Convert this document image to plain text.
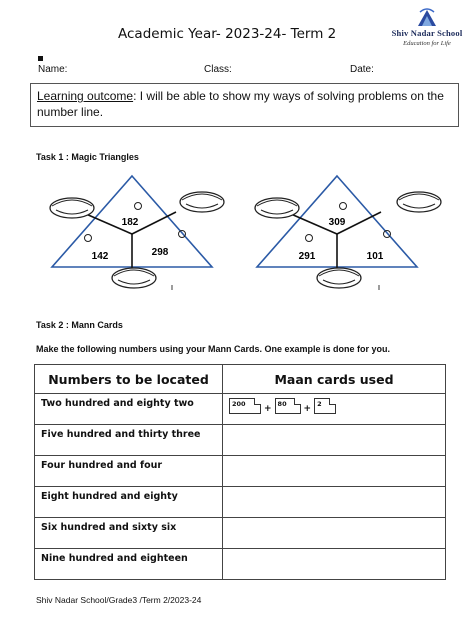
Academic Year- 2023-24- Term 2	Shiv Nadar School
Education for Life
Name:	Class:	Date:
Learning outcome: I will be able to show my ways of solving problems on the number line.
Task 1 : Magic Triangles
182
142	298
ı
309
291	101
ı
Task 2 : Mann Cards
Make the following numbers using your Mann Cards. One example is done for you.
Numbers to be located	Maan cards used
Two hundred and eighty two	200 + 80 + 2

Five hundred and thirty three	
Four hundred and four	
Eight hundred and eighty	
Six hundred and sixty six	
Nine hundred and eighteen	
Shiv Nadar School/Grade3 /Term 2/2023-24
